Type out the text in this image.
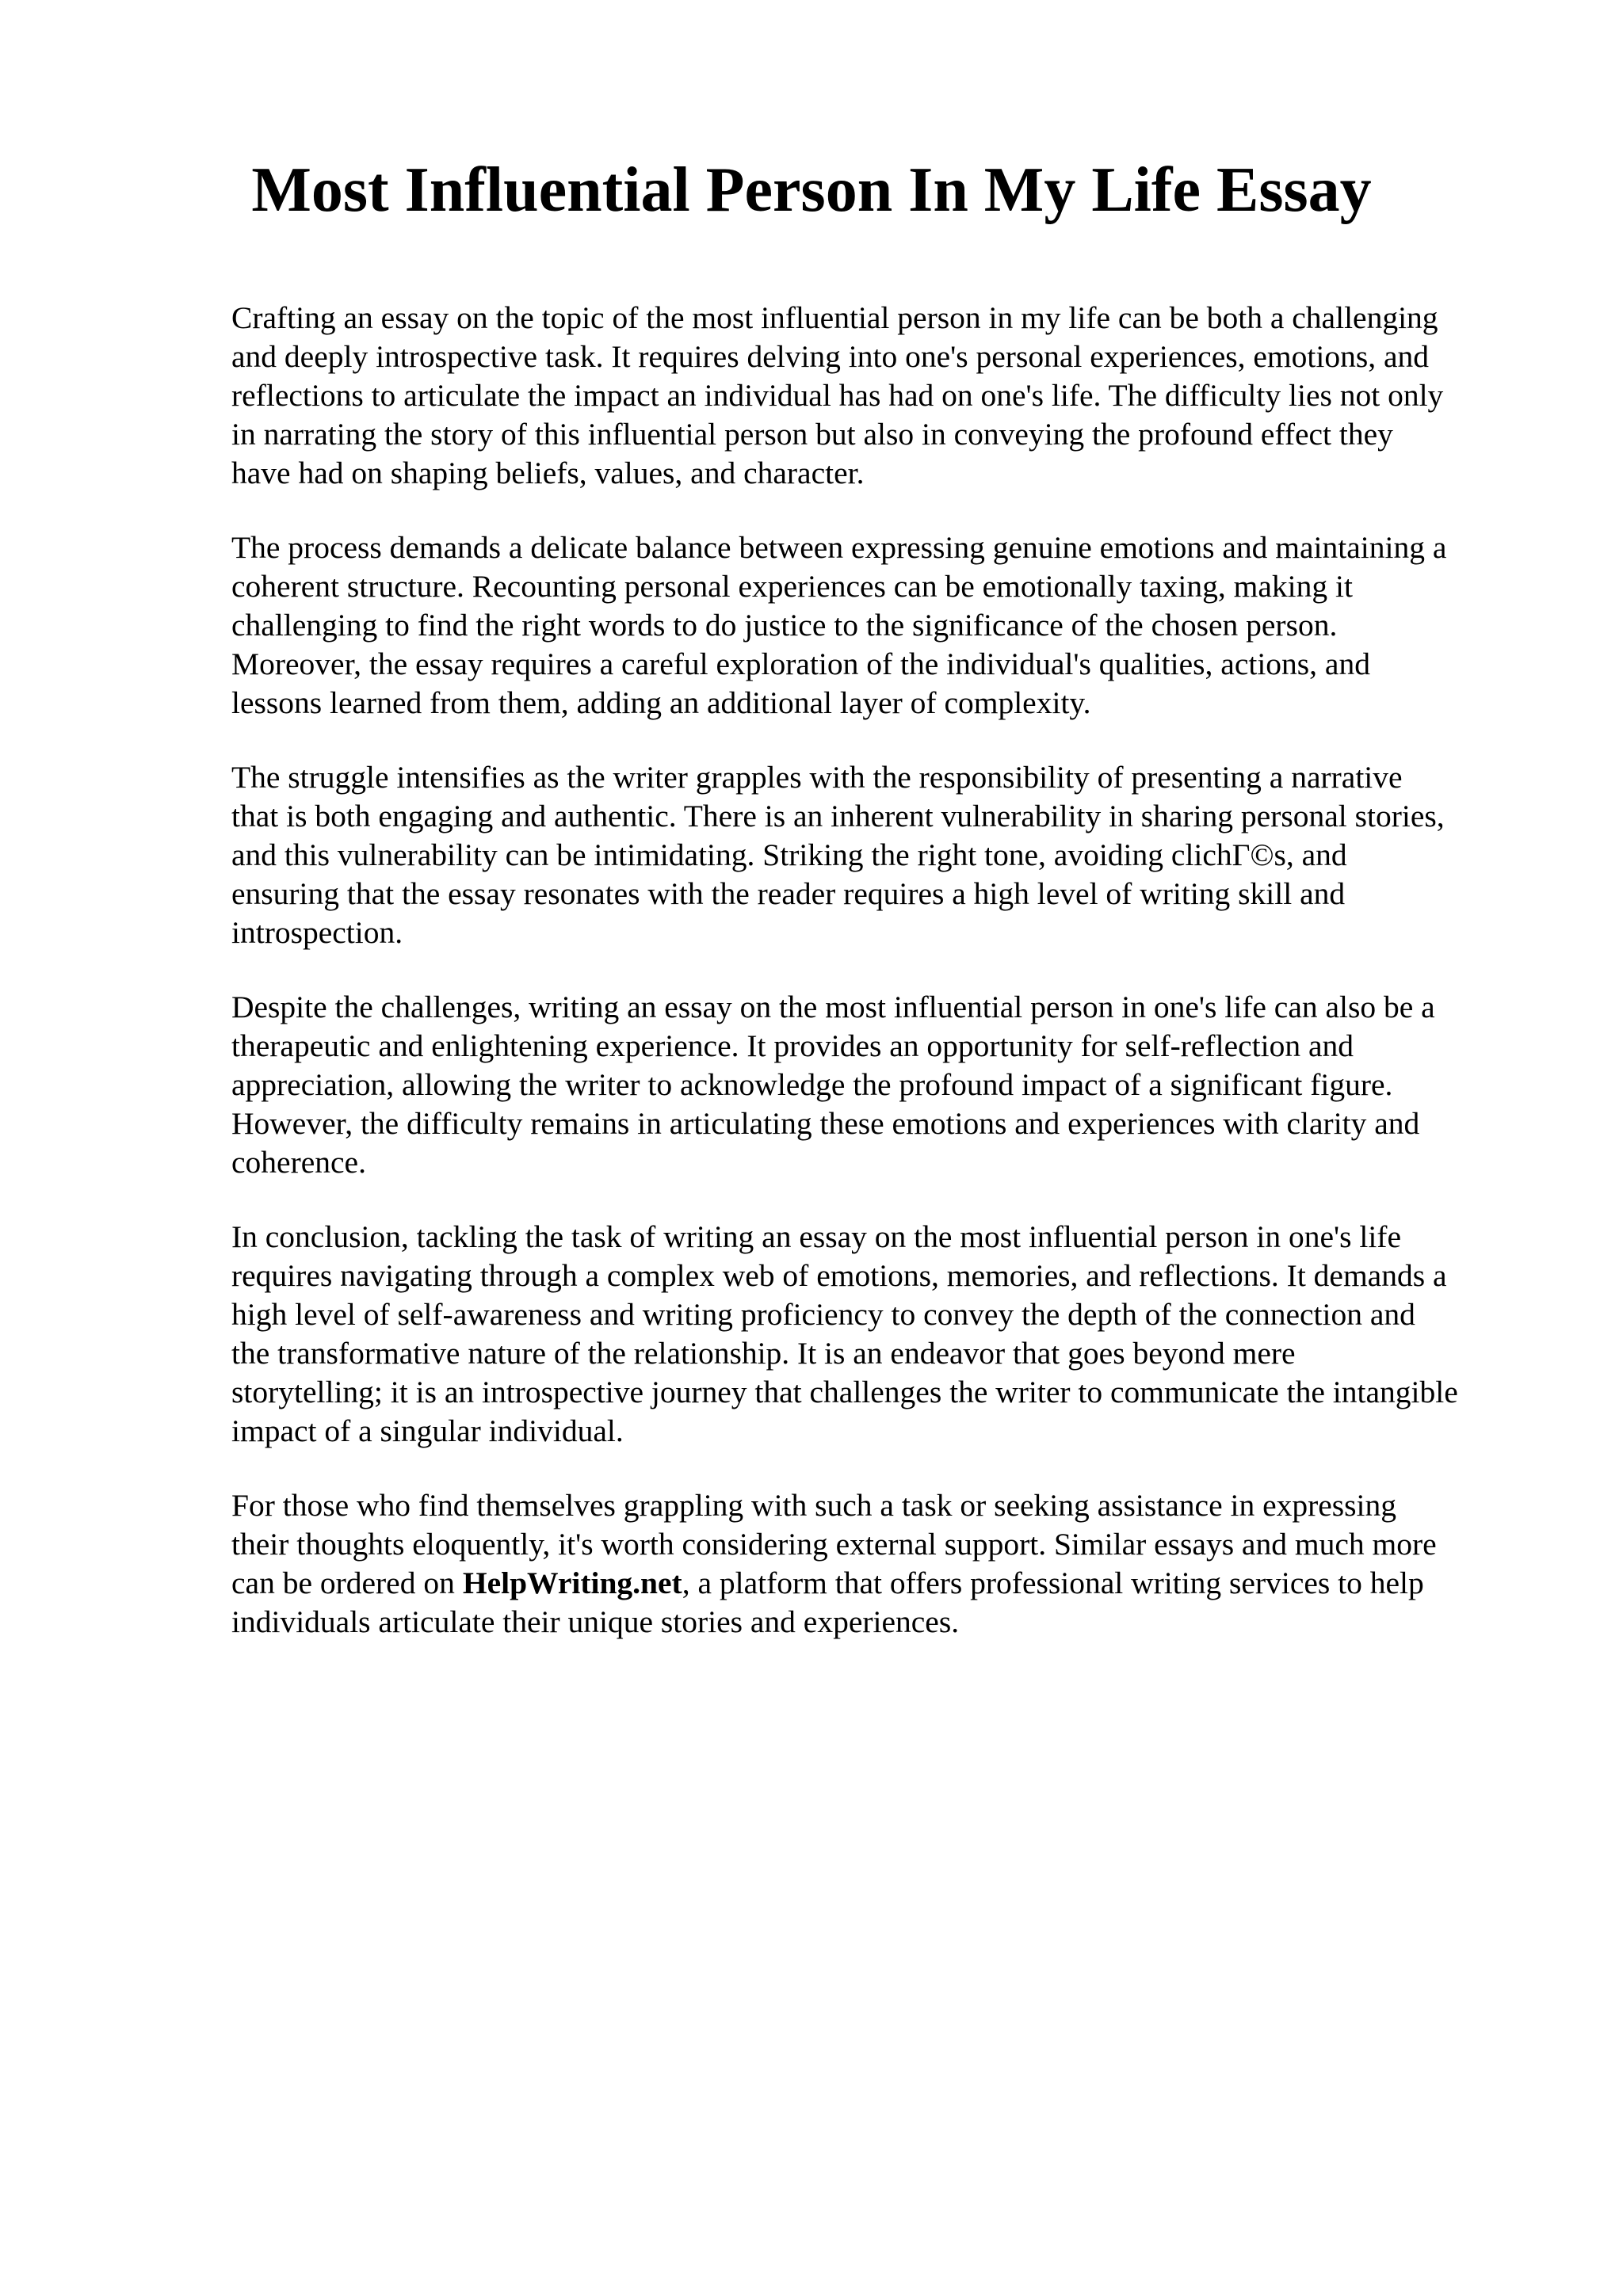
Most Influential Person In My Life Essay

Crafting an essay on the topic of the most influential person in my life can be both a challenging
and deeply introspective task. It requires delving into one's personal experiences, emotions, and
reflections to articulate the impact an individual has had on one's life. The difficulty lies not only
in narrating the story of this influential person but also in conveying the profound effect they
have had on shaping beliefs, values, and character.

The process demands a delicate balance between expressing genuine emotions and maintaining a
coherent structure. Recounting personal experiences can be emotionally taxing, making it
challenging to find the right words to do justice to the significance of the chosen person.
Moreover, the essay requires a careful exploration of the individual's qualities, actions, and
lessons learned from them, adding an additional layer of complexity.

The struggle intensifies as the writer grapples with the responsibility of presenting a narrative
that is both engaging and authentic. There is an inherent vulnerability in sharing personal stories,
and this vulnerability can be intimidating. Striking the right tone, avoiding clichΓ©s, and
ensuring that the essay resonates with the reader requires a high level of writing skill and
introspection.

Despite the challenges, writing an essay on the most influential person in one's life can also be a
therapeutic and enlightening experience. It provides an opportunity for self-reflection and
appreciation, allowing the writer to acknowledge the profound impact of a significant figure.
However, the difficulty remains in articulating these emotions and experiences with clarity and
coherence.

In conclusion, tackling the task of writing an essay on the most influential person in one's life
requires navigating through a complex web of emotions, memories, and reflections. It demands a
high level of self-awareness and writing proficiency to convey the depth of the connection and
the transformative nature of the relationship. It is an endeavor that goes beyond mere
storytelling; it is an introspective journey that challenges the writer to communicate the intangible
impact of a singular individual.

For those who find themselves grappling with such a task or seeking assistance in expressing
their thoughts eloquently, it's worth considering external support. Similar essays and much more
can be ordered on HelpWriting.net, a platform that offers professional writing services to help
individuals articulate their unique stories and experiences.
